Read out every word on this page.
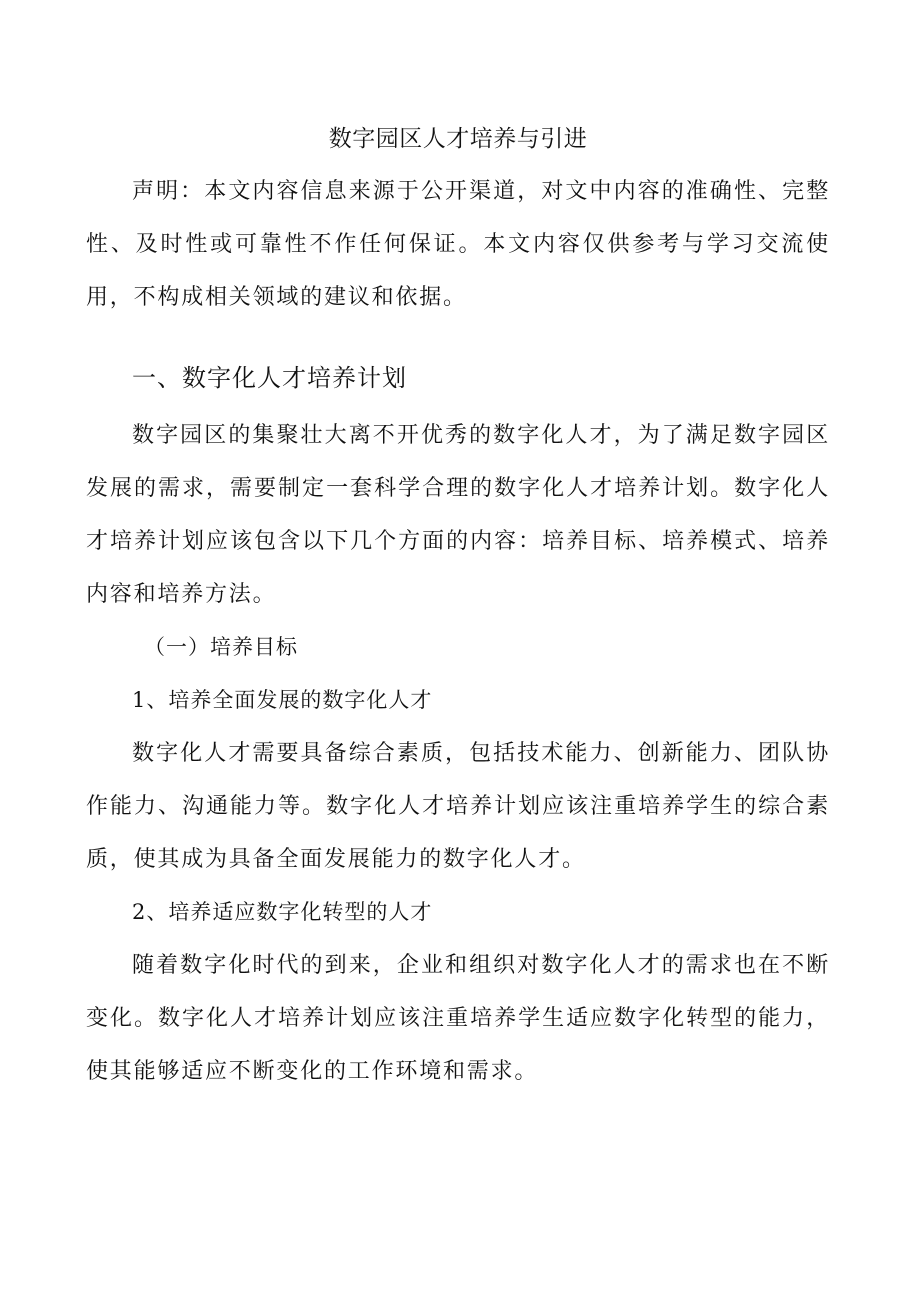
数字园区人才培养与引进

声明：本文内容信息来源于公开渠道，对文中内容的准确性、完整性、及时性或可靠性不作任何保证。本文内容仅供参考与学习交流使用，不构成相关领域的建议和依据。

一、数字化人才培养计划

数字园区的集聚壮大离不开优秀的数字化人才，为了满足数字园区发展的需求，需要制定一套科学合理的数字化人才培养计划。数字化人才培养计划应该包含以下几个方面的内容：培养目标、培养模式、培养内容和培养方法。

（一）培养目标
1、培养全面发展的数字化人才

数字化人才需要具备综合素质，包括技术能力、创新能力、团队协作能力、沟通能力等。数字化人才培养计划应该注重培养学生的综合素质，使其成为具备全面发展能力的数字化人才。

2、培养适应数字化转型的人才

随着数字化时代的到来，企业和组织对数字化人才的需求也在不断变化。数字化人才培养计划应该注重培养学生适应数字化转型的能力，使其能够适应不断变化的工作环境和需求。
